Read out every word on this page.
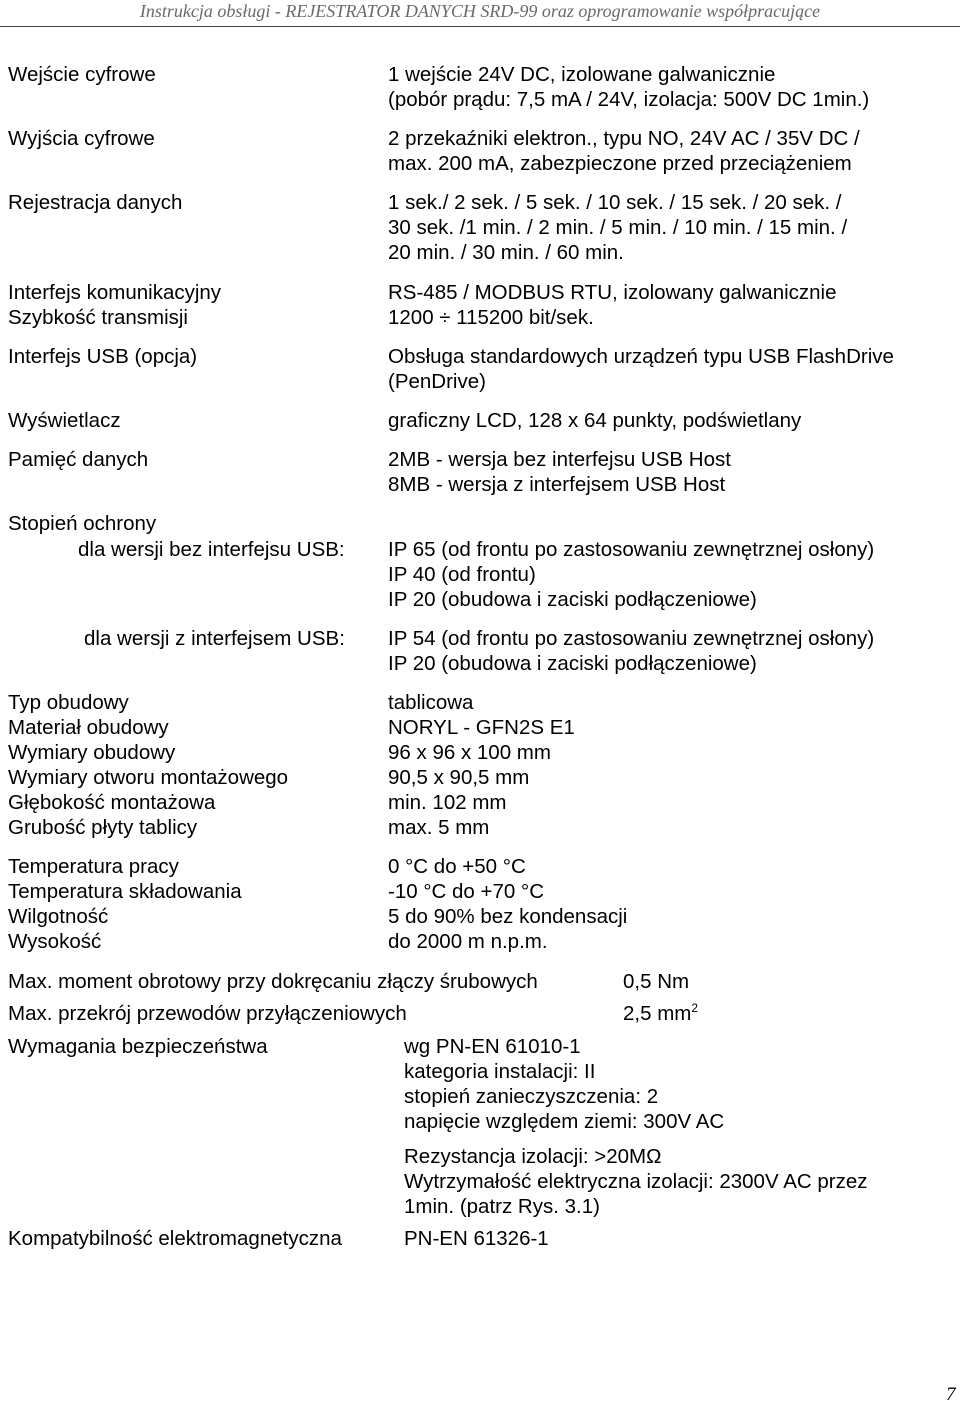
Instrukcja obsługi - REJESTRATOR DANYCH SRD-99 oraz oprogramowanie współpracujące
Wejście cyfrowe	1 wejście 24V DC, izolowane galwanicznie
(pobór prądu: 7,5 mA / 24V, izolacja: 500V DC 1min.)
Wyjścia cyfrowe	2 przekaźniki elektron., typu NO, 24V AC / 35V DC /
max. 200 mA, zabezpieczone przed przeciążeniem
Rejestracja danych	1 sek./ 2 sek. / 5 sek. / 10 sek. / 15 sek. / 20 sek. /
30 sek. /1 min. / 2 min. / 5 min. / 10 min. / 15 min. /
20 min. / 30 min. / 60 min.
Interfejs komunikacyjny	RS-485 / MODBUS RTU, izolowany galwanicznie
Szybkość transmisji	1200 ÷ 115200 bit/sek.
Interfejs USB (opcja)	Obsługa standardowych urządzeń typu USB FlashDrive
(PenDrive)
Wyświetlacz	graficzny LCD, 128 x 64 punkty, podświetlany
Pamięć danych	2MB - wersja bez interfejsu USB Host
8MB - wersja z interfejsem USB Host
Stopień ochrony
dla wersji bez interfejsu USB: IP 65 (od frontu po zastosowaniu zewnętrznej osłony)
IP 40 (od frontu)
IP 20 (obudowa i zaciski podłączeniowe)
dla wersji z interfejsem USB: IP 54 (od frontu po zastosowaniu zewnętrznej osłony)
IP 20 (obudowa i zaciski podłączeniowe)
Typ obudowy	tablicowa
Materiał obudowy	NORYL - GFN2S E1
Wymiary obudowy	96 x 96 x 100 mm
Wymiary otworu montażowego	90,5 x 90,5 mm
Głębokość montażowa	min. 102 mm
Grubość płyty tablicy	max. 5 mm
Temperatura pracy	0 °C do +50 °C
Temperatura składowania	-10 °C do +70 °C
Wilgotność	5 do 90% bez kondensacji
Wysokość	do 2000 m n.p.m.
Max. moment obrotowy przy dokręcaniu złączy śrubowych	0,5 Nm
Max. przekrój przewodów przyłączeniowych	2,5 $mm^2$
Wymagania bezpieczeństwa	wg PN-EN 61010-1
kategoria instalacji: II
stopień zanieczyszczenia: 2
napięcie względem ziemi: 300V AC
Rezystancja izolacji: >20MΩ
Wytrzymałość elektryczna izolacji: 2300V AC przez
1min. (patrz Rys. 3.1)
Kompatybilność elektromagnetyczna	PN-EN 61326-1
7
